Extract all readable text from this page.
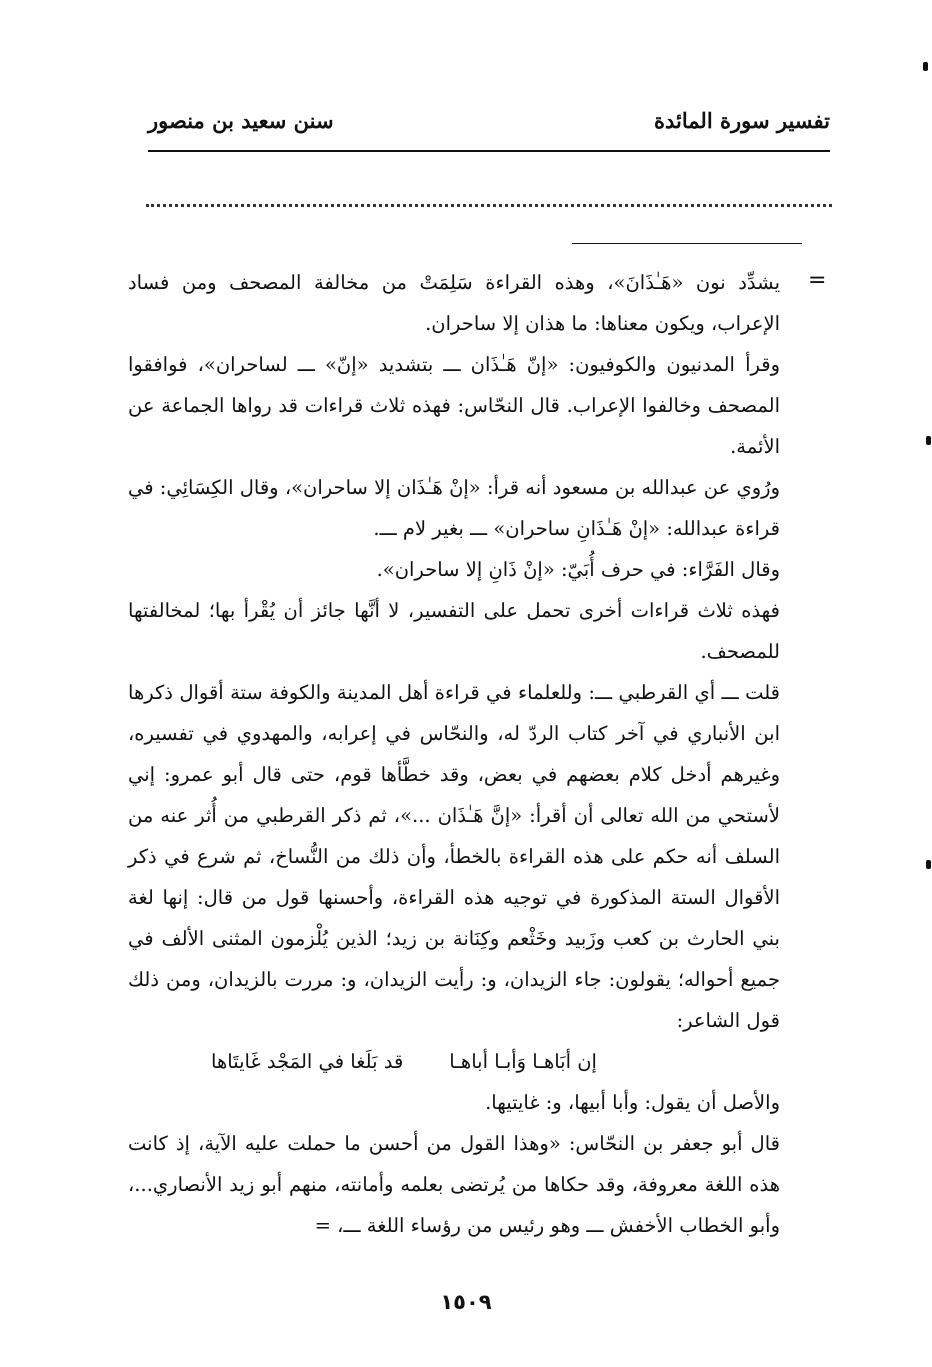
تفسير سورة المائدة
سنن سعيد بن منصور
=

يشدِّد نون «هَـٰذَانَ»، وهذه القراءة سَلِمَتْ من مخالفة المصحف ومن فساد الإعراب، ويكون معناها: ما هذان إلا ساحران.

وقرأ المدنيون والكوفيون: «إنّ هَـٰذَان ـــ بتشديد «إنّ» ـــ لساحران»، فوافقوا المصحف وخالفوا الإعراب. قال النحّاس: فهذه ثلاث قراءات قد رواها الجماعة عن الأئمة.

ورُوي عن عبدالله بن مسعود أنه قرأ: «إنْ هَـٰذَان إلا ساحران»، وقال الكِسَائِي: في قراءة عبدالله: «إنْ هَـٰذَانِ ساحران» ـــ بغير لام ـــ.

وقال الفَرَّاء: في حرف أُبَيّ: «إنْ ذَانِ إلا ساحران».

فهذه ثلاث قراءات أخرى تحمل على التفسير، لا أنَّها جائز أن يُقْرأ بها؛ لمخالفتها للمصحف.

قلت ـــ أي القرطبي ـــ: وللعلماء في قراءة أهل المدينة والكوفة ستة أقوال ذكرها ابن الأنباري في آخر كتاب الردّ له، والنحّاس في إعرابه، والمهدوي في تفسيره، وغيرهم أدخل كلام بعضهم في بعض، وقد خطَّأها قوم، حتى قال أبو عمرو: إني لأستحي من الله تعالى أن أقرأ: «إنَّ هَـٰذَان ...»، ثم ذكر القرطبي من أُثر عنه من السلف أنه حكم على هذه القراءة بالخطأ، وأن ذلك من النُّساخ، ثم شرع في ذكر الأقوال الستة المذكورة في توجيه هذه القراءة، وأحسنها قول من قال: إنها لغة بني الحارث بن كعب وزَبيد وخَثْعم وكِنَانة بن زيد؛ الذين يُلْزمون المثنى الألف في جميع أحواله؛ يقولون: جاء الزيدان، و: رأيت الزيدان، و: مررت بالزيدان، ومن ذلك قول الشاعر:

إن أبَاهـا وَأبـا أباهـا
قد بَلَغا في المَجْد غَايتَاها

والأصل أن يقول: وأبا أبيها، و: غايتيها.

قال أبو جعفر بن النحّاس: «وهذا القول من أحسن ما حملت عليه الآية، إذ كانت هذه اللغة معروفة، وقد حكاها من يُرتضى بعلمه وأمانته، منهم أبو زيد الأنصاري...، وأبو الخطاب الأخفش ـــ وهو رئيس من رؤساء اللغة ـــ، =

١٥٠٩
